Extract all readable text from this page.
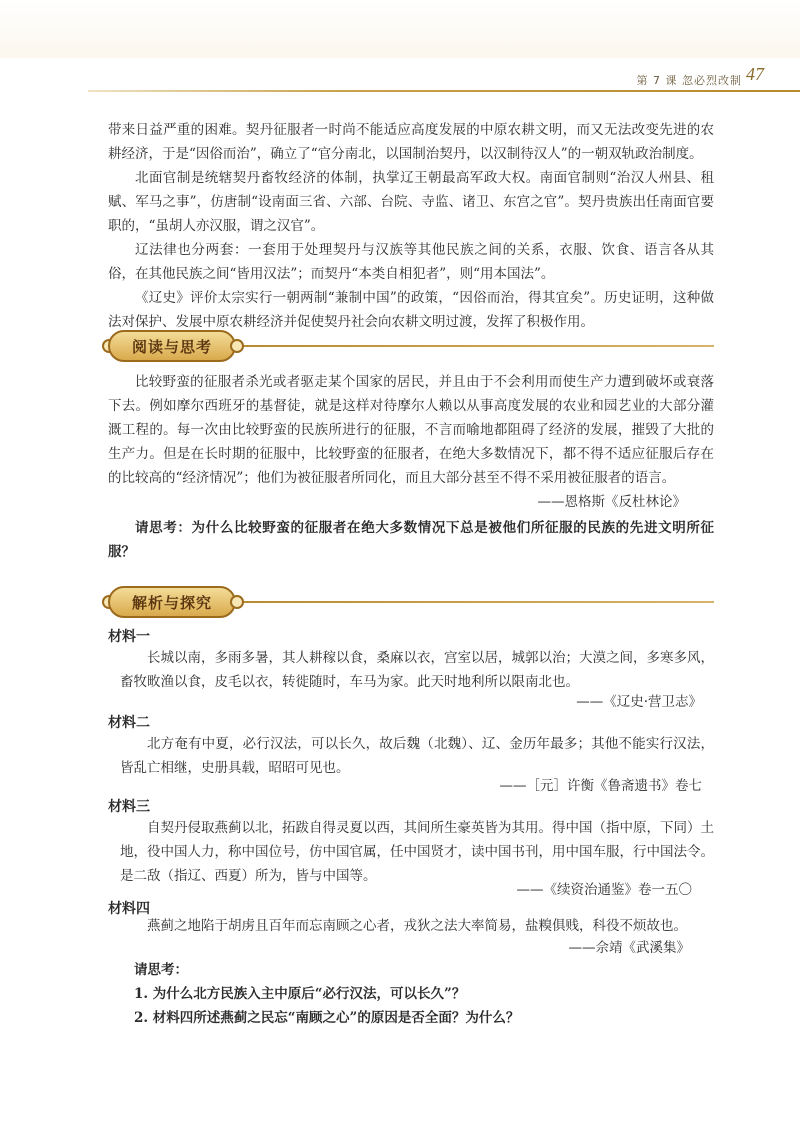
第 7 课 忽必烈改制 47

带来日益严重的困难。契丹征服者一时尚不能适应高度发展的中原农耕文明，而又无法改变先进的农耕经济，于是“因俗而治”，确立了“官分南北，以国制治契丹，以汉制待汉人”的一朝双轨政治制度。

北面官制是统辖契丹畜牧经济的体制，执掌辽王朝最高军政大权。南面官制则“治汉人州县、租赋、军马之事”，仿唐制“设南面三省、六部、台院、寺监、诸卫、东宫之官”。契丹贵族出任南面官要职的，“虽胡人亦汉服，谓之汉官”。

辽法律也分两套：一套用于处理契丹与汉族等其他民族之间的关系，衣服、饮食、语言各从其俗，在其他民族之间“皆用汉法”；而契丹“本类自相犯者”，则“用本国法”。

《辽史》评价太宗实行一朝两制“兼制中国”的政策，“因俗而治，得其宜矣”。历史证明，这种做法对保护、发展中原农耕经济并促使契丹社会向农耕文明过渡，发挥了积极作用。

阅读与思考

比较野蛮的征服者杀光或者驱走某个国家的居民，并且由于不会利用而使生产力遭到破坏或衰落下去。例如摩尔西班牙的基督徒，就是这样对待摩尔人赖以从事高度发展的农业和园艺业的大部分灌溉工程的。每一次由比较野蛮的民族所进行的征服，不言而喻地都阻碍了经济的发展，摧毁了大批的生产力。但是在长时期的征服中，比较野蛮的征服者，在绝大多数情况下，都不得不适应征服后存在的比较高的“经济情况”；他们为被征服者所同化，而且大部分甚至不得不采用被征服者的语言。

——恩格斯《反杜林论》

请思考：为什么比较野蛮的征服者在绝大多数情况下总是被他们所征服的民族的先进文明所征服？

解析与探究
材料一

长城以南，多雨多暑，其人耕稼以食，桑麻以衣，宫室以居，城郭以治；大漠之间，多寒多风，畜牧畋渔以食，皮毛以衣，转徙随时，车马为家。此天时地利所以限南北也。

——《辽史·营卫志》
材料二

北方奄有中夏，必行汉法，可以长久，故后魏（北魏）、辽、金历年最多；其他不能实行汉法，皆乱亡相继，史册具载，昭昭可见也。

——［元］许衡《鲁斋遗书》卷七
材料三

自契丹侵取燕蓟以北，拓跋自得灵夏以西，其间所生豪英皆为其用。得中国（指中原，下同）土地，役中国人力，称中国位号，仿中国官属，任中国贤才，读中国书刊，用中国车服，行中国法令。是二敌（指辽、西夏）所为，皆与中国等。

——《续资治通鉴》卷一五〇
材料四

燕蓟之地陷于胡虏且百年而忘南顾之心者，戎狄之法大率简易，盐糗俱贱，科役不烦故也。

——佘靖《武溪集》

请思考：

1. 为什么北方民族入主中原后“必行汉法，可以长久”？

2. 材料四所述燕蓟之民忘“南顾之心”的原因是否全面？为什么？
